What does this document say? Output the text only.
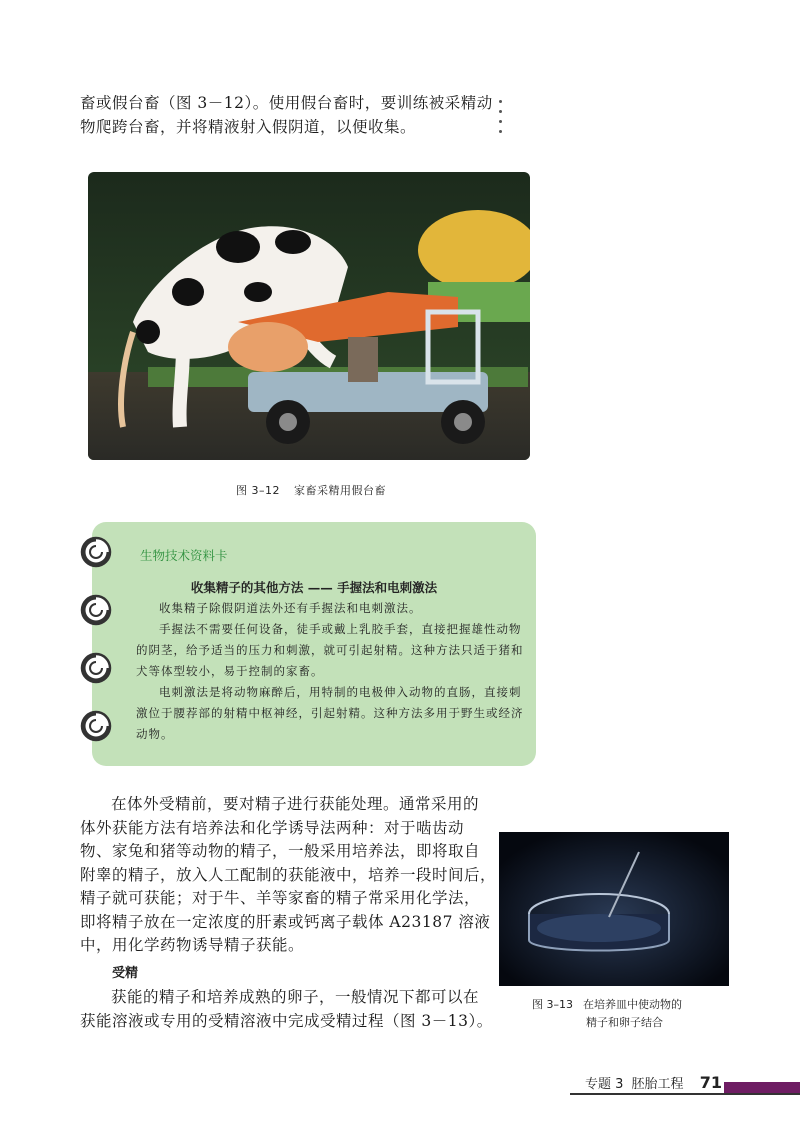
畜或假台畜（图 3－12）。使用假台畜时，要训练被采精动
物爬跨台畜，并将精液射入假阴道，以便收集。
图 3–12 家畜采精用假台畜
生物技术资料卡
收集精子的其他方法 —— 手握法和电刺激法

收集精子除假阴道法外还有手握法和电刺激法。

手握法不需要任何设备，徒手或戴上乳胶手套，直接把握雄性动物的阴茎，给予适当的压力和刺激，就可引起射精。这种方法只适于猪和犬等体型较小，易于控制的家畜。

电刺激法是将动物麻醉后，用特制的电极伸入动物的直肠，直接刺激位于腰荐部的射精中枢神经，引起射精。这种方法多用于野生或经济动物。

在体外受精前，要对精子进行获能处理。通常采用的
体外获能方法有培养法和化学诱导法两种：对于啮齿动
物、家兔和猪等动物的精子，一般采用培养法，即将取自
附睾的精子，放入人工配制的获能液中，培养一段时间后，
精子就可获能；对于牛、羊等家畜的精子常采用化学法，
即将精子放在一定浓度的肝素或钙离子载体 A23187 溶液
中，用化学药物诱导精子获能。
受精
获能的精子和培养成熟的卵子，一般情况下都可以在
获能溶液或专用的受精溶液中完成受精过程（图 3－13）。
图 3–13 在培养皿中使动物的
精子和卵子结合
专题 3 胚胎工程 71
